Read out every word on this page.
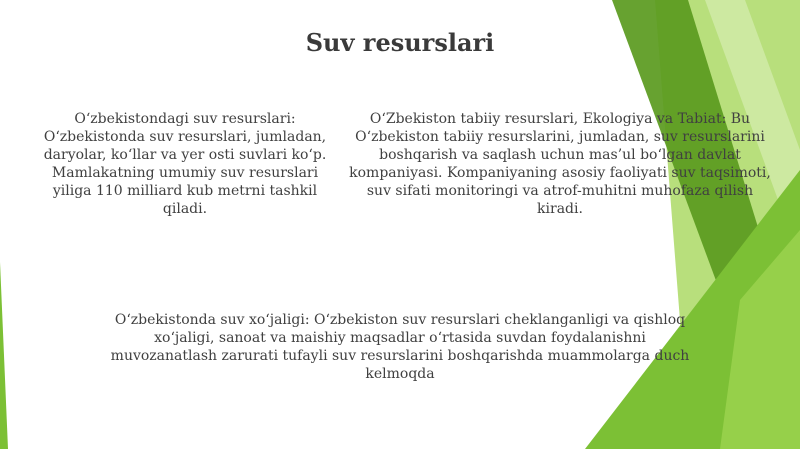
Suv resurslari
O‘zbekistondagi suv resurslari: O‘zbekistonda suv resurslari, jumladan, daryolar, ko‘llar va yer osti suvlari ko‘p. Mamlakatning umumiy suv resurslari yiliga 110 milliard kub metrni tashkil qiladi.
O‘Zbekiston tabiiy resurslari, Ekologiya va Tabiat: Bu O‘zbekiston tabiiy resurslarini, jumladan, suv resurslarini boshqarish va saqlash uchun mas’ul bo‘lgan davlat kompaniyasi. Kompaniyaning asosiy faoliyati suv taqsimoti, suv sifati monitoringi va atrof-muhitni muhofaza qilish kiradi.
O‘zbekistonda suv xo‘jaligi: O‘zbekiston suv resurslari cheklanganligi va qishloq xo‘jaligi, sanoat va maishiy maqsadlar o‘rtasida suvdan foydalanishni muvozanatlash zarurati tufayli suv resurslarini boshqarishda muammolarga duch kelmoqda
